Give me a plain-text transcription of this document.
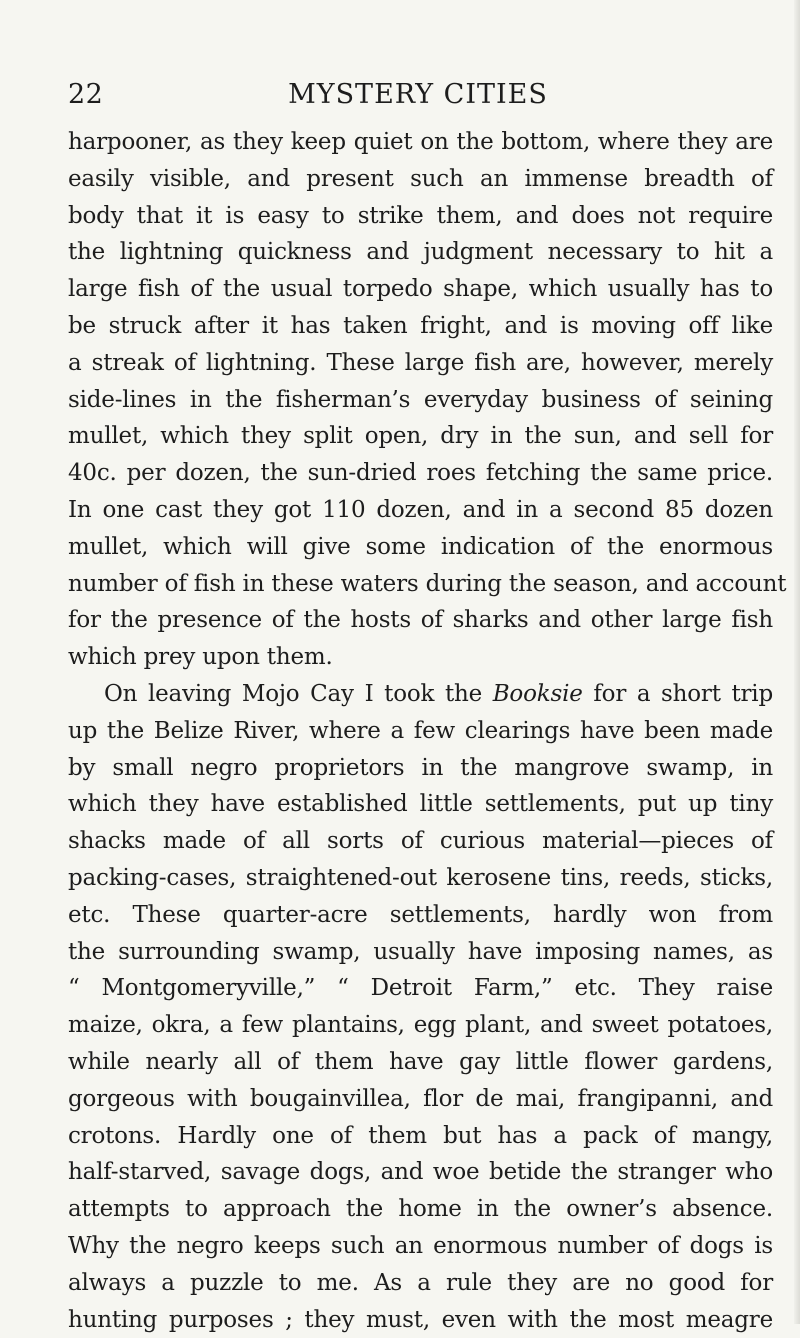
22	MYSTERY CITIES
harpooner, as they keep quiet on the bottom, where they are
easily visible, and present such an immense breadth of
body that it is easy to strike them, and does not require
the lightning quickness and judgment necessary to hit a
large fish of the usual torpedo shape, which usually has to
be struck after it has taken fright, and is moving off like
a streak of lightning. These large fish are, however, merely
side-lines in the fisherman’s everyday business of seining
mullet, which they split open, dry in the sun, and sell for
40c. per dozen, the sun-dried roes fetching the same price.
In one cast they got 110 dozen, and in a second 85 dozen
mullet, which will give some indication of the enormous
number of fish in these waters during the season, and account
for the presence of the hosts of sharks and other large fish
which prey upon them.
On leaving Mojo Cay I took the Booksie for a short trip
up the Belize River, where a few clearings have been made
by small negro proprietors in the mangrove swamp, in
which they have established little settlements, put up tiny
shacks made of all sorts of curious material—pieces of
packing-cases, straightened-out kerosene tins, reeds, sticks,
etc. These quarter-acre settlements, hardly won from
the surrounding swamp, usually have imposing names, as
“ Montgomeryville,” “ Detroit Farm,” etc. They raise
maize, okra, a few plantains, egg plant, and sweet potatoes,
while nearly all of them have gay little flower gardens,
gorgeous with bougainvillea, flor de mai, frangipanni, and
crotons. Hardly one of them but has a pack of mangy,
half-starved, savage dogs, and woe betide the stranger who
attempts to approach the home in the owner’s absence.
Why the negro keeps such an enormous number of dogs is
always a puzzle to me. As a rule they are no good for
hunting purposes ; they must, even with the most meagre
